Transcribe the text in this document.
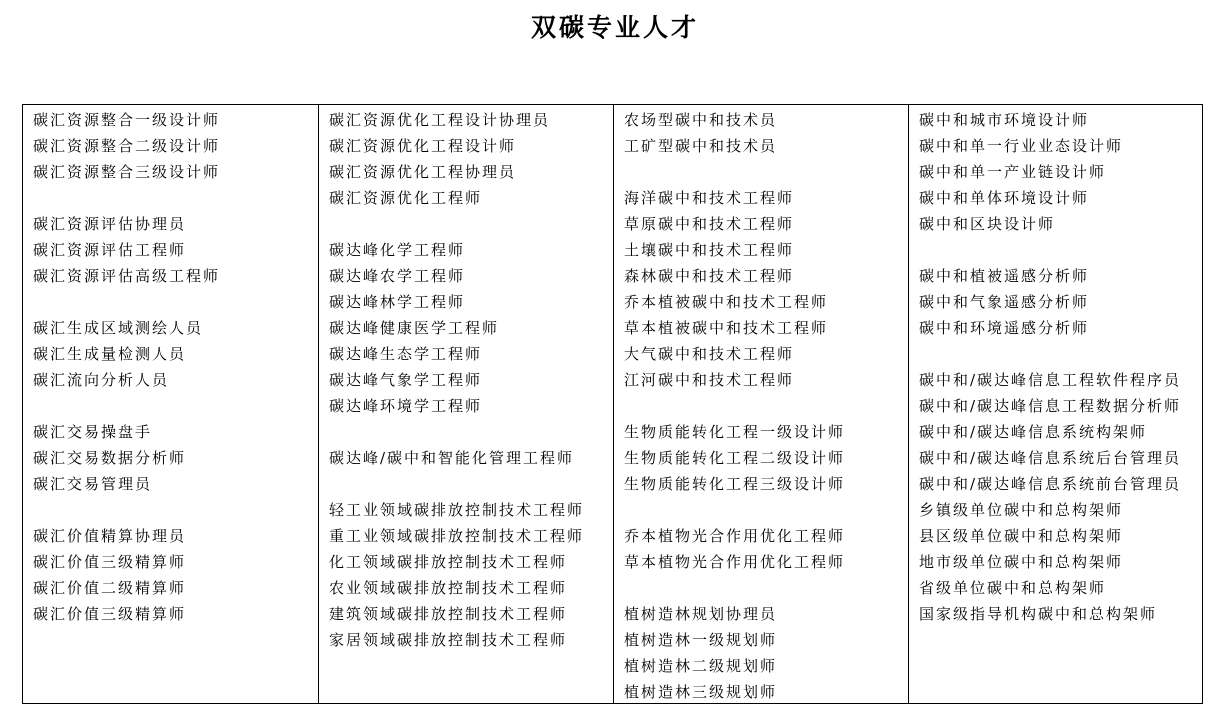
双碳专业人才
碳汇资源整合一级设计师
碳汇资源整合二级设计师
碳汇资源整合三级设计师
碳汇资源评估协理员
碳汇资源评估工程师
碳汇资源评估高级工程师
碳汇生成区域测绘人员
碳汇生成量检测人员
碳汇流向分析人员
碳汇交易操盘手
碳汇交易数据分析师
碳汇交易管理员
碳汇价值精算协理员
碳汇价值三级精算师
碳汇价值二级精算师
碳汇价值三级精算师
碳汇资源优化工程设计协理员
碳汇资源优化工程设计师
碳汇资源优化工程协理员
碳汇资源优化工程师
碳达峰化学工程师
碳达峰农学工程师
碳达峰林学工程师
碳达峰健康医学工程师
碳达峰生态学工程师
碳达峰气象学工程师
碳达峰环境学工程师
碳达峰/碳中和智能化管理工程师
轻工业领域碳排放控制技术工程师
重工业领域碳排放控制技术工程师
化工领域碳排放控制技术工程师
农业领域碳排放控制技术工程师
建筑领域碳排放控制技术工程师
家居领域碳排放控制技术工程师
农场型碳中和技术员
工矿型碳中和技术员
海洋碳中和技术工程师
草原碳中和技术工程师
土壤碳中和技术工程师
森林碳中和技术工程师
乔本植被碳中和技术工程师
草本植被碳中和技术工程师
大气碳中和技术工程师
江河碳中和技术工程师
生物质能转化工程一级设计师
生物质能转化工程二级设计师
生物质能转化工程三级设计师
乔本植物光合作用优化工程师
草本植物光合作用优化工程师
植树造林规划协理员
植树造林一级规划师
植树造林二级规划师
植树造林三级规划师
碳中和城市环境设计师
碳中和单一行业业态设计师
碳中和单一产业链设计师
碳中和单体环境设计师
碳中和区块设计师
碳中和植被遥感分析师
碳中和气象遥感分析师
碳中和环境遥感分析师
碳中和/碳达峰信息工程软件程序员
碳中和/碳达峰信息工程数据分析师
碳中和/碳达峰信息系统构架师
碳中和/碳达峰信息系统后台管理员
碳中和/碳达峰信息系统前台管理员
乡镇级单位碳中和总构架师
县区级单位碳中和总构架师
地市级单位碳中和总构架师
省级单位碳中和总构架师
国家级指导机构碳中和总构架师
